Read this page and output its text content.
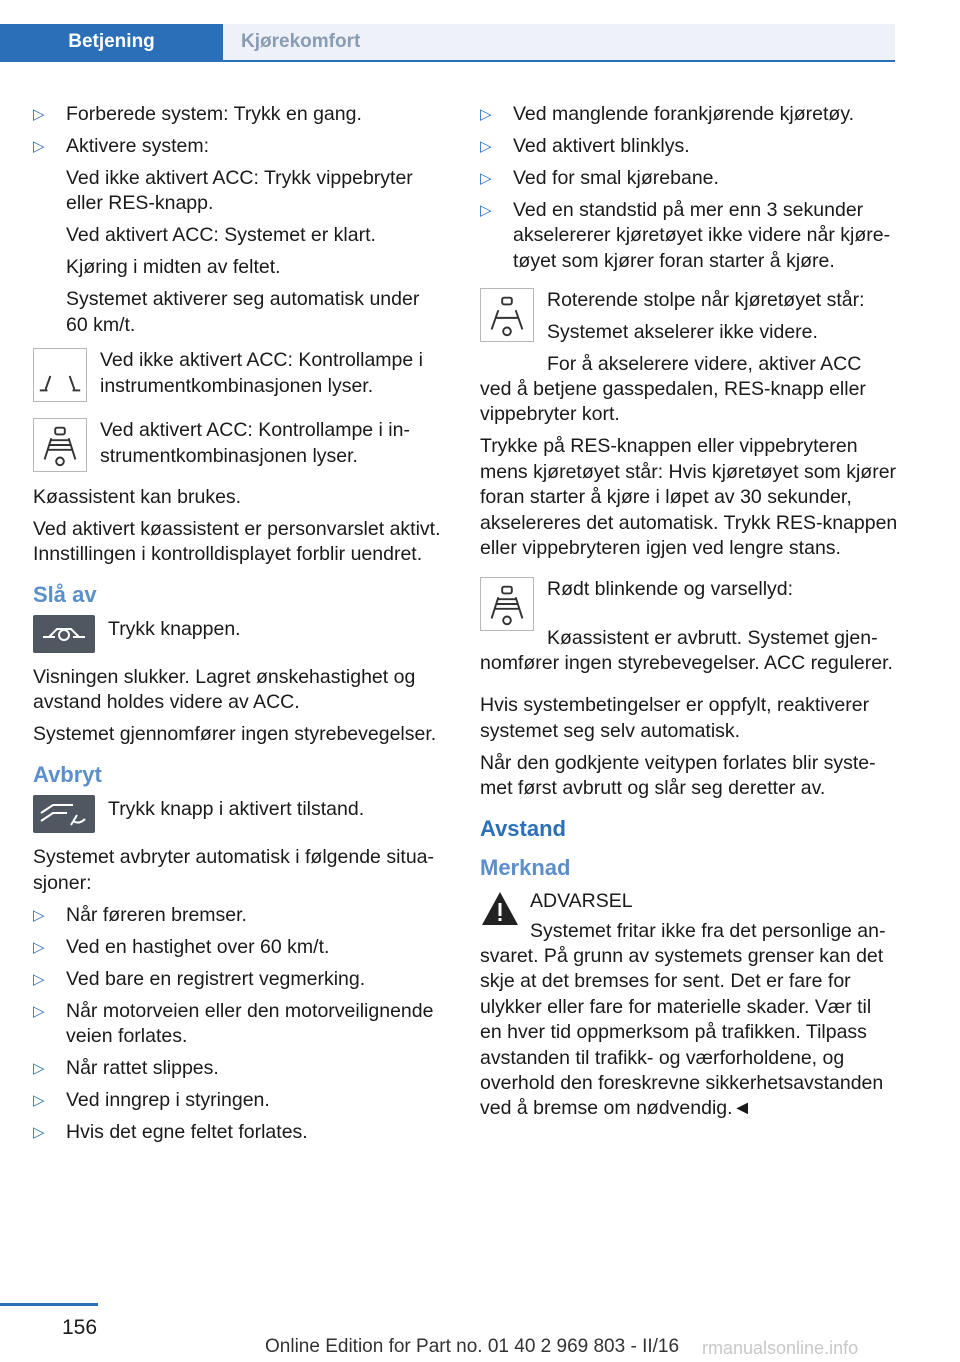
Betjening	Kjørekomfort
▷ Forberede system: Trykk en gang.
▷ Aktivere system:
Ved ikke aktivert ACC: Trykk vippebryter eller RES-knapp.
Ved aktivert ACC: Systemet er klart.
Kjøring i midten av feltet.
Systemet aktiverer seg automatisk under 60 km/t.
Ved ikke aktivert ACC: Kontrollampe i instrumentkombinasjonen lyser.
Ved aktivert ACC: Kontrollampe i instrumentkombinasjonen lyser.
Køassistent kan brukes.
Ved aktivert køassistent er personvarslet aktivt. Innstillingen i kontrolldisplayet forblir uendret.
Slå av
Trykk knappen.
Visningen slukker. Lagret ønskehastighet og avstand holdes videre av ACC.
Systemet gjennomfører ingen styrebevegelser.
Avbryt
Trykk knapp i aktivert tilstand.
Systemet avbryter automatisk i følgende situasjoner:
▷ Når føreren bremser.
▷ Ved en hastighet over 60 km/t.
▷ Ved bare en registrert vegmerking.
▷ Når motorveien eller den motorveilignende veien forlates.
▷ Når rattet slippes.
▷ Ved inngrep i styringen.
▷ Hvis det egne feltet forlates.
▷ Ved manglende forankjørende kjøretøy.
▷ Ved aktivert blinklys.
▷ Ved for smal kjørebane.
▷ Ved en standstid på mer enn 3 sekunder akselererer kjøretøyet ikke videre når kjøretøyet som kjører foran starter å kjøre.
Roterende stolpe når kjøretøyet står:
Systemet akselerer ikke videre.
For å akselerere videre, aktiver ACC ved å betjene gasspedalen, RES-knapp eller vippebryter kort.
Trykke på RES-knappen eller vippebryteren mens kjøretøyet står: Hvis kjøretøyet som kjører foran starter å kjøre i løpet av 30 sekunder, akselereres det automatisk. Trykk RES-knappen eller vippebryteren igjen ved lengre stans.
Rødt blinkende og varsellyd:
Køassistent er avbrutt. Systemet gjennomfører ingen styrebevegelser. ACC regulerer.
Hvis systembetingelser er oppfylt, reaktiverer systemet seg selv automatisk.
Når den godkjente veitypen forlates blir systemet først avbrutt og slår seg deretter av.
Avstand
Merknad
ADVARSEL
Systemet fritar ikke fra det personlige ansvaret. På grunn av systemets grenser kan det skje at det bremses for sent. Det er fare for ulykker eller fare for materielle skader. Vær til en hver tid oppmerksom på trafikken. Tilpass avstanden til trafikk- og værforholdene, og overhold den foreskrevne sikkerhetsavstanden ved å bremse om nødvendig.◄
156
Online Edition for Part no. 01 40 2 969 803 - II/16 rmanualsonline.info
